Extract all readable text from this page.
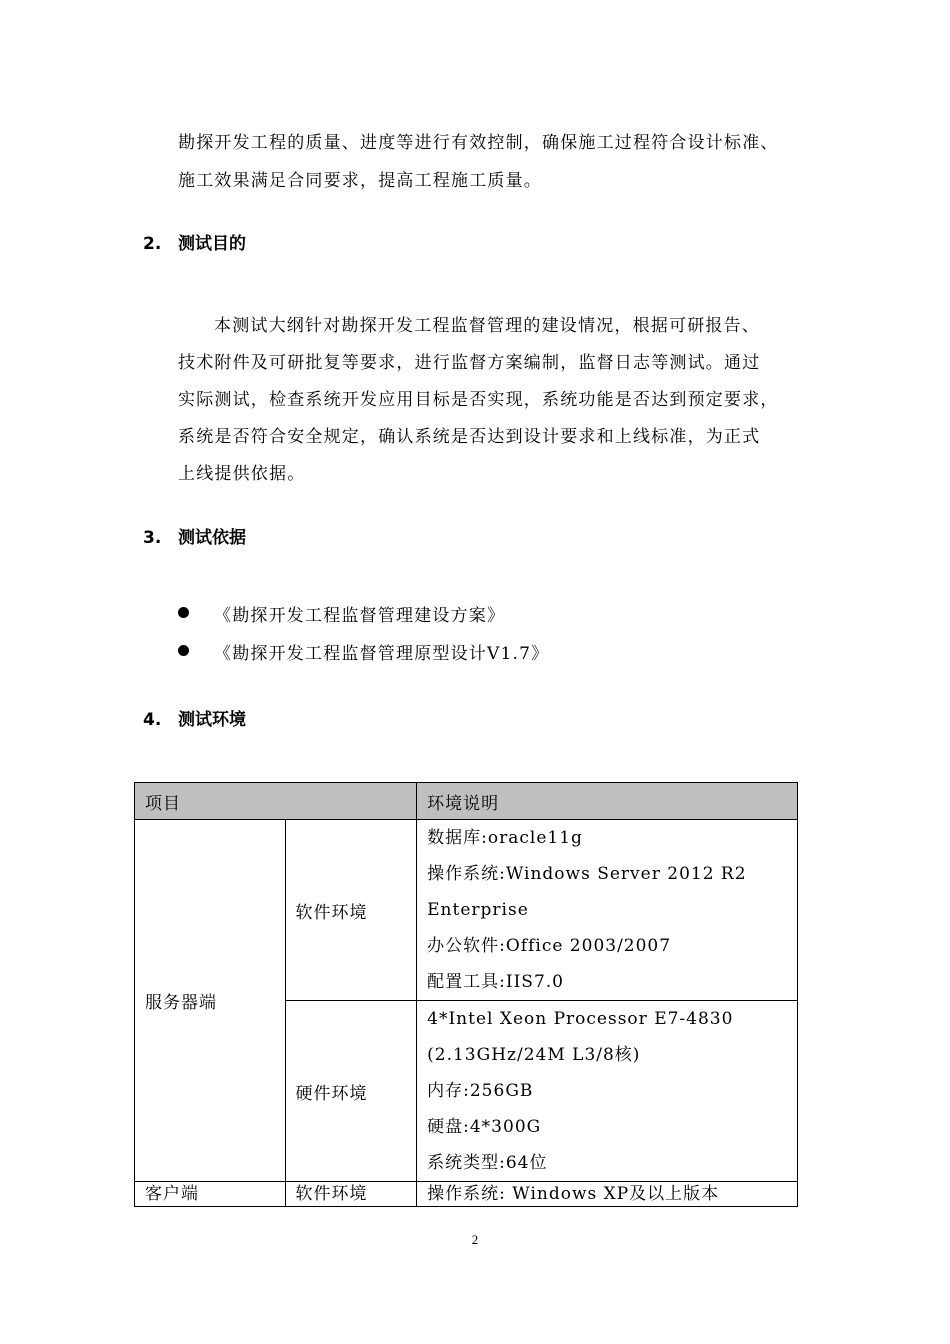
勘探开发工程的质量、进度等进行有效控制，确保施工过程符合设计标准、
施工效果满足合同要求，提高工程施工质量。
2. 测试目的
本测试大纲针对勘探开发工程监督管理的建设情况，根据可研报告、
技术附件及可研批复等要求，进行监督方案编制，监督日志等测试。通过
实际测试，检查系统开发应用目标是否实现，系统功能是否达到预定要求，
系统是否符合安全规定，确认系统是否达到设计要求和上线标准，为正式
上线提供依据。
3. 测试依据
《勘探开发工程监督管理建设方案》
《勘探开发工程监督管理原型设计V1.7》
4. 测试环境
项目		环境说明
服务器端	软件环境	数据库:oracle11g
操作系统:Windows Server 2012 R2
Enterprise
办公软件:Office 2003/2007
配置工具:IIS7.0

	硬件环境	4*Intel Xeon Processor E7-4830
(2.13GHz/24M L3/8核)
内存:256GB
硬盘:4*300G
系统类型:64位

客户端	软件环境	操作系统: Windows XP及以上版本
2
